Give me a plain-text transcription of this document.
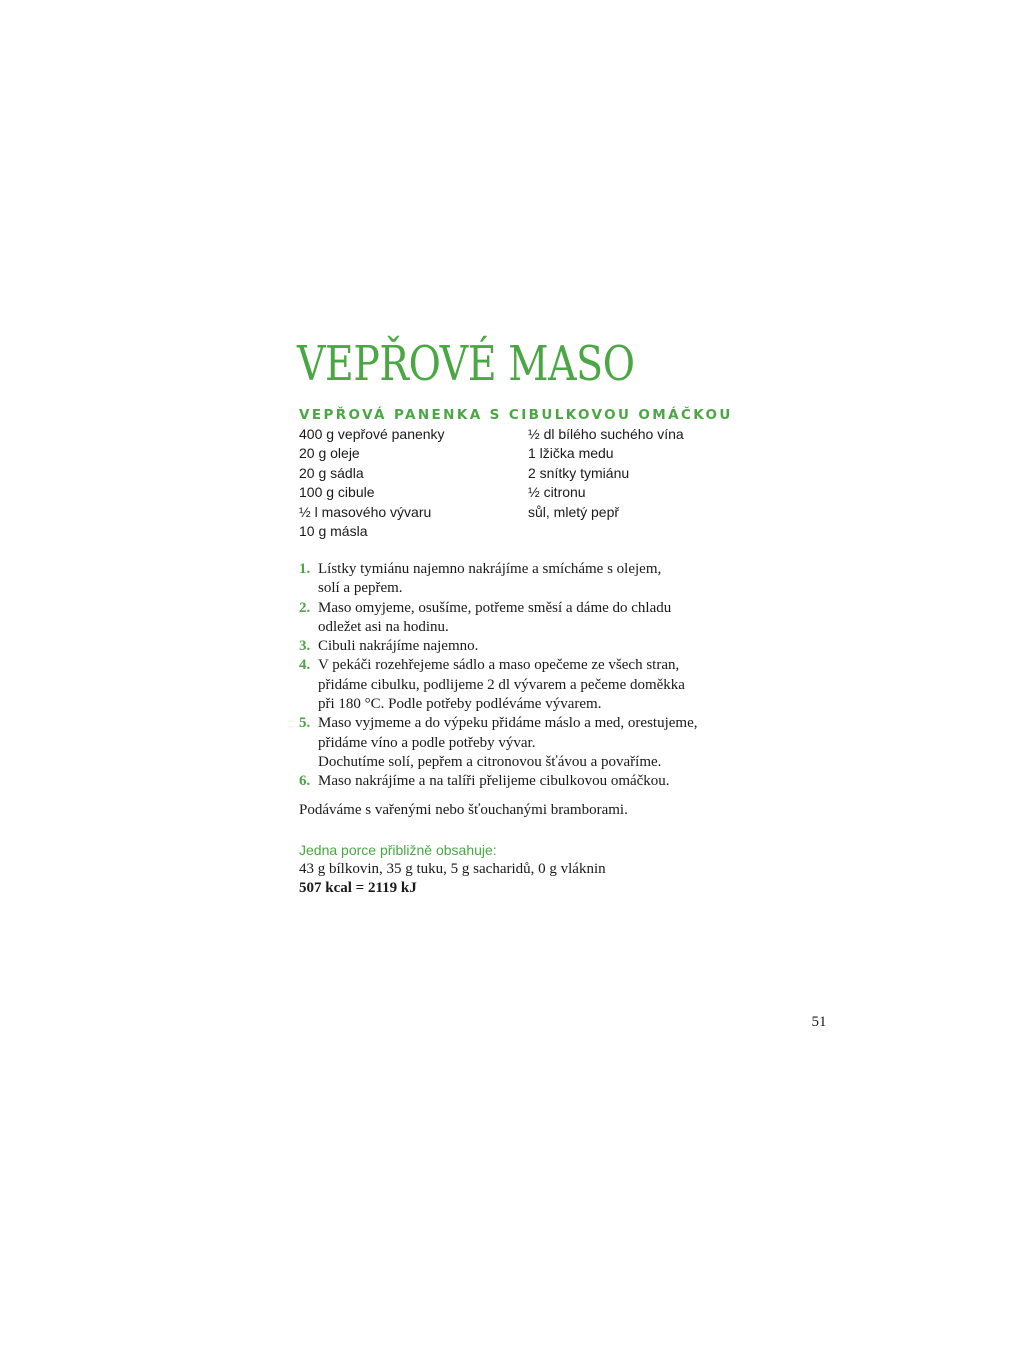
VEPŘOVÉ MASO
VEPŘOVÁ PANENKA S CIBULKOVOU OMÁČKOU
400 g vepřové panenky
20 g oleje
20 g sádla
100 g cibule
½ l masového vývaru
10 g másla
½ dl bílého suchého vína
1 lžička medu
2 snítky tymiánu
½ citronu
sůl, mletý pepř
1. Lístky tymiánu najemno nakrájíme a smícháme s olejem,
solí a pepřem.
2. Maso omyjeme, osušíme, potřeme směsí a dáme do chladu
odležet asi na hodinu.
3. Cibuli nakrájíme najemno.
4. V pekáči rozehřejeme sádlo a maso opečeme ze všech stran,
přidáme cibulku, podlijeme 2 dl vývarem a pečeme doměkka
při 180 °C. Podle potřeby podléváme vývarem.
5. Maso vyjmeme a do výpeku přidáme máslo a med, orestujeme,
přidáme víno a podle potřeby vývar.
Dochutíme solí, pepřem a citronovou šťávou a povaříme.
6. Maso nakrájíme a na talíři přelijeme cibulkovou omáčkou.

Podáváme s vařenými nebo šťouchanými bramborami.

Jedna porce přibližně obsahuje:

43 g bílkovin, 35 g tuku, 5 g sacharidů, 0 g vláknin

507 kcal = 2119 kJ

51
